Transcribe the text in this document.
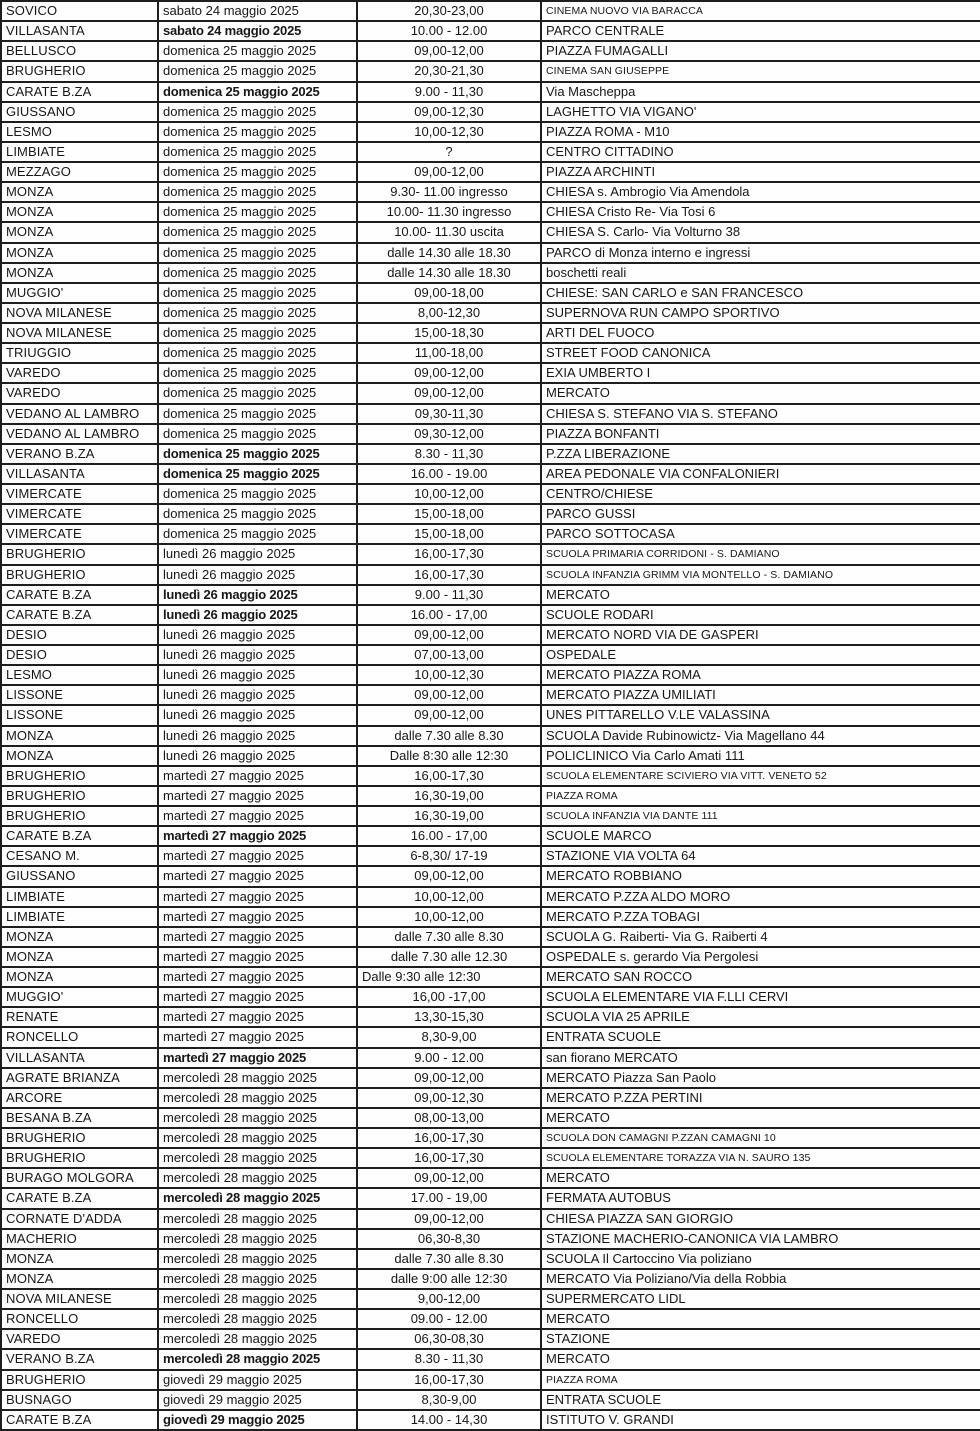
SOVICO	sabato 24 maggio 2025	20,30-23,00	CINEMA NUOVO VIA BARACCA
VILLASANTA	sabato 24 maggio 2025	10.00 - 12.00	PARCO CENTRALE
BELLUSCO	domenica 25 maggio 2025	09,00-12,00	PIAZZA FUMAGALLI
BRUGHERIO	domenica 25 maggio 2025	20,30-21,30	CINEMA SAN GIUSEPPE
CARATE B.ZA	domenica 25 maggio 2025	9.00 - 11,30	Via Mascheppa
GIUSSANO	domenica 25 maggio 2025	09,00-12,30	LAGHETTO VIA VIGANO'
LESMO	domenica 25 maggio 2025	10,00-12,30	PIAZZA ROMA - M10
LIMBIATE	domenica 25 maggio 2025	?	CENTRO CITTADINO
MEZZAGO	domenica 25 maggio 2025	09,00-12,00	PIAZZA ARCHINTI
MONZA	domenica 25 maggio 2025	9.30- 11.00 ingresso	CHIESA s. Ambrogio Via Amendola
MONZA	domenica 25 maggio 2025	10.00- 11.30 ingresso	CHIESA Cristo Re- Via Tosi 6
MONZA	domenica 25 maggio 2025	10.00- 11.30 uscita	CHIESA S. Carlo- Via Volturno 38
MONZA	domenica 25 maggio 2025	dalle 14.30 alle 18.30	PARCO di Monza interno e ingressi
MONZA	domenica 25 maggio 2025	dalle 14.30 alle 18.30	boschetti reali
MUGGIO'	domenica 25 maggio 2025	09,00-18,00	CHIESE: SAN CARLO e SAN FRANCESCO
NOVA MILANESE	domenica 25 maggio 2025	8,00-12,30	SUPERNOVA RUN CAMPO SPORTIVO
NOVA MILANESE	domenica 25 maggio 2025	15,00-18,30	ARTI DEL FUOCO
TRIUGGIO	domenica 25 maggio 2025	11,00-18,00	STREET FOOD CANONICA
VAREDO	domenica 25 maggio 2025	09,00-12,00	EXIA UMBERTO I
VAREDO	domenica 25 maggio 2025	09,00-12,00	MERCATO
VEDANO AL LAMBRO	domenica 25 maggio 2025	09,30-11,30	CHIESA S. STEFANO VIA S. STEFANO
VEDANO AL LAMBRO	domenica 25 maggio 2025	09,30-12,00	PIAZZA BONFANTI
VERANO B.ZA	domenica 25 maggio 2025	8.30 - 11,30	P.ZZA LIBERAZIONE
VILLASANTA	domenica 25 maggio 2025	16.00 - 19.00	AREA PEDONALE VIA CONFALONIERI
VIMERCATE	domenica 25 maggio 2025	10,00-12,00	CENTRO/CHIESE
VIMERCATE	domenica 25 maggio 2025	15,00-18,00	PARCO GUSSI
VIMERCATE	domenica 25 maggio 2025	15,00-18,00	PARCO SOTTOCASA
BRUGHERIO	lunedì 26 maggio 2025	16,00-17,30	SCUOLA PRIMARIA CORRIDONI - S. DAMIANO
BRUGHERIO	lunedì 26 maggio 2025	16,00-17,30	SCUOLA INFANZIA GRIMM VIA MONTELLO - S. DAMIANO
CARATE B.ZA	lunedì 26 maggio 2025	9.00 - 11,30	MERCATO
CARATE B.ZA	lunedì 26 maggio 2025	16.00 - 17,00	SCUOLE RODARI
DESIO	lunedì 26 maggio 2025	09,00-12,00	MERCATO NORD VIA DE GASPERI
DESIO	lunedì 26 maggio 2025	07,00-13,00	OSPEDALE
LESMO	lunedì 26 maggio 2025	10,00-12,30	MERCATO PIAZZA ROMA
LISSONE	lunedì 26 maggio 2025	09,00-12,00	MERCATO PIAZZA UMILIATI
LISSONE	lunedì 26 maggio 2025	09,00-12,00	UNES PITTARELLO V.LE VALASSINA
MONZA	lunedì 26 maggio 2025	dalle 7.30 alle 8.30	SCUOLA Davide Rubinowictz- Via Magellano 44
MONZA	lunedì 26 maggio 2025	Dalle 8:30 alle 12:30	POLICLINICO Via Carlo Amati 111
BRUGHERIO	martedì 27 maggio 2025	16,00-17,30	SCUOLA ELEMENTARE SCIVIERO VIA VITT. VENETO 52
BRUGHERIO	martedì 27 maggio 2025	16,30-19,00	PIAZZA ROMA
BRUGHERIO	martedì 27 maggio 2025	16,30-19,00	SCUOLA INFANZIA VIA DANTE 111
CARATE B.ZA	martedì 27 maggio 2025	16.00 - 17,00	SCUOLE MARCO
CESANO M.	martedì 27 maggio 2025	6-8,30/ 17-19	STAZIONE VIA VOLTA 64
GIUSSANO	martedì 27 maggio 2025	09,00-12,00	MERCATO ROBBIANO
LIMBIATE	martedì 27 maggio 2025	10,00-12,00	MERCATO P.ZZA ALDO MORO
LIMBIATE	martedì 27 maggio 2025	10,00-12,00	MERCATO P.ZZA TOBAGI
MONZA	martedì 27 maggio 2025	dalle 7.30 alle 8.30	SCUOLA G. Raiberti- Via G. Raiberti 4
MONZA	martedì 27 maggio 2025	dalle 7.30 alle 12.30	OSPEDALE s. gerardo Via Pergolesi
MONZA	martedì 27 maggio 2025	Dalle 9:30 alle 12:30	MERCATO SAN ROCCO
MUGGIO'	martedì 27 maggio 2025	16,00 -17,00	SCUOLA ELEMENTARE VIA F.LLI CERVI
RENATE	martedì 27 maggio 2025	13,30-15,30	SCUOLA VIA 25 APRILE
RONCELLO	martedì 27 maggio 2025	8,30-9,00	ENTRATA SCUOLE
VILLASANTA	martedì 27 maggio 2025	9.00 - 12.00	san fiorano MERCATO
AGRATE BRIANZA	mercoledì 28 maggio 2025	09,00-12,00	MERCATO Piazza San Paolo
ARCORE	mercoledì 28 maggio 2025	09,00-12,30	MERCATO P.ZZA PERTINI
BESANA B.ZA	mercoledì 28 maggio 2025	08,00-13,00	MERCATO
BRUGHERIO	mercoledì 28 maggio 2025	16,00-17,30	SCUOLA DON CAMAGNI P.ZZAN CAMAGNI 10
BRUGHERIO	mercoledì 28 maggio 2025	16,00-17,30	SCUOLA ELEMENTARE TORAZZA VIA N. SAURO 135
BURAGO MOLGORA	mercoledì 28 maggio 2025	09,00-12,00	MERCATO
CARATE B.ZA	mercoledì 28 maggio 2025	17.00 - 19,00	FERMATA AUTOBUS
CORNATE D'ADDA	mercoledì 28 maggio 2025	09,00-12,00	CHIESA PIAZZA SAN GIORGIO
MACHERIO	mercoledì 28 maggio 2025	06,30-8,30	STAZIONE MACHERIO-CANONICA VIA LAMBRO
MONZA	mercoledì 28 maggio 2025	dalle 7.30 alle 8.30	SCUOLA Il Cartoccino Via poliziano
MONZA	mercoledì 28 maggio 2025	dalle 9:00 alle 12:30	MERCATO Via Poliziano/Via della Robbia
NOVA MILANESE	mercoledì 28 maggio 2025	9,00-12,00	SUPERMERCATO LIDL
RONCELLO	mercoledì 28 maggio 2025	09.00 - 12.00	MERCATO
VAREDO	mercoledì 28 maggio 2025	06,30-08,30	STAZIONE
VERANO B.ZA	mercoledì 28 maggio 2025	8.30 - 11,30	MERCATO
BRUGHERIO	giovedì 29 maggio 2025	16,00-17,30	PIAZZA ROMA
BUSNAGO	giovedì 29 maggio 2025	8,30-9,00	ENTRATA SCUOLE
CARATE B.ZA	giovedì 29 maggio 2025	14.00 - 14,30	ISTITUTO V. GRANDI
